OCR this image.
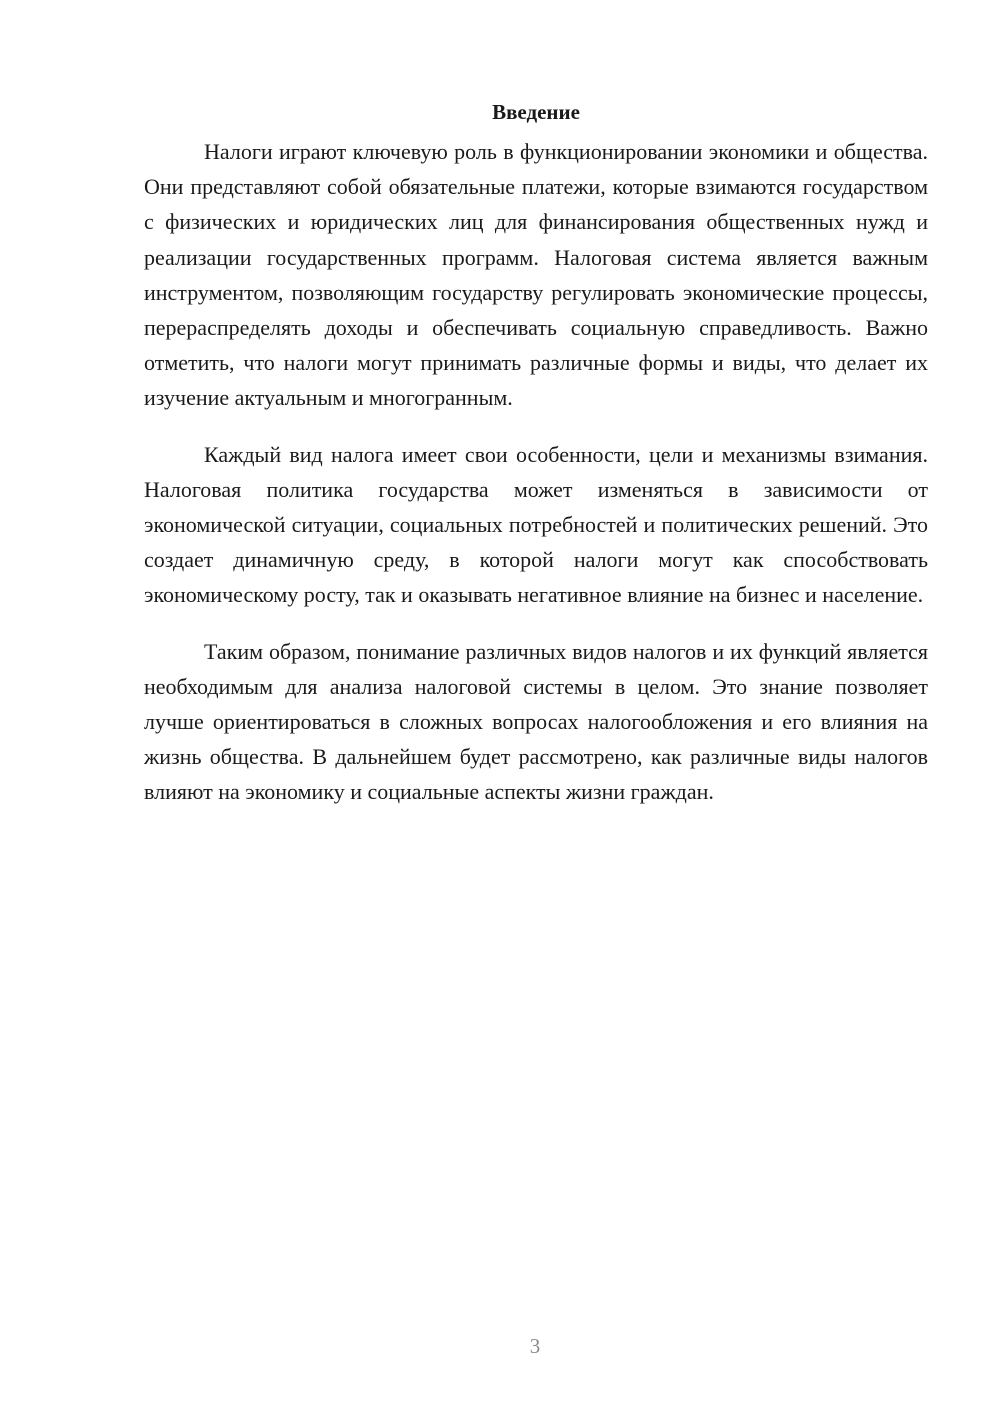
Введение

Налоги играют ключевую роль в функционировании экономики и общества. Они представляют собой обязательные платежи, которые взимаются государством с физических и юридических лиц для финансирования общественных нужд и реализации государственных программ. Налоговая система является важным инструментом, позволяющим государству регулировать экономические процессы, перераспределять доходы и обеспечивать социальную справедливость. Важно отметить, что налоги могут принимать различные формы и виды, что делает их изучение актуальным и многогранным.

Каждый вид налога имеет свои особенности, цели и механизмы взимания. Налоговая политика государства может изменяться в зависимости от экономической ситуации, социальных потребностей и политических решений. Это создает динамичную среду, в которой налоги могут как способствовать экономическому росту, так и оказывать негативное влияние на бизнес и население.

Таким образом, понимание различных видов налогов и их функций является необходимым для анализа налоговой системы в целом. Это знание позволяет лучше ориентироваться в сложных вопросах налогообложения и его влияния на жизнь общества. В дальнейшем будет рассмотрено, как различные виды налогов влияют на экономику и социальные аспекты жизни граждан.

3
